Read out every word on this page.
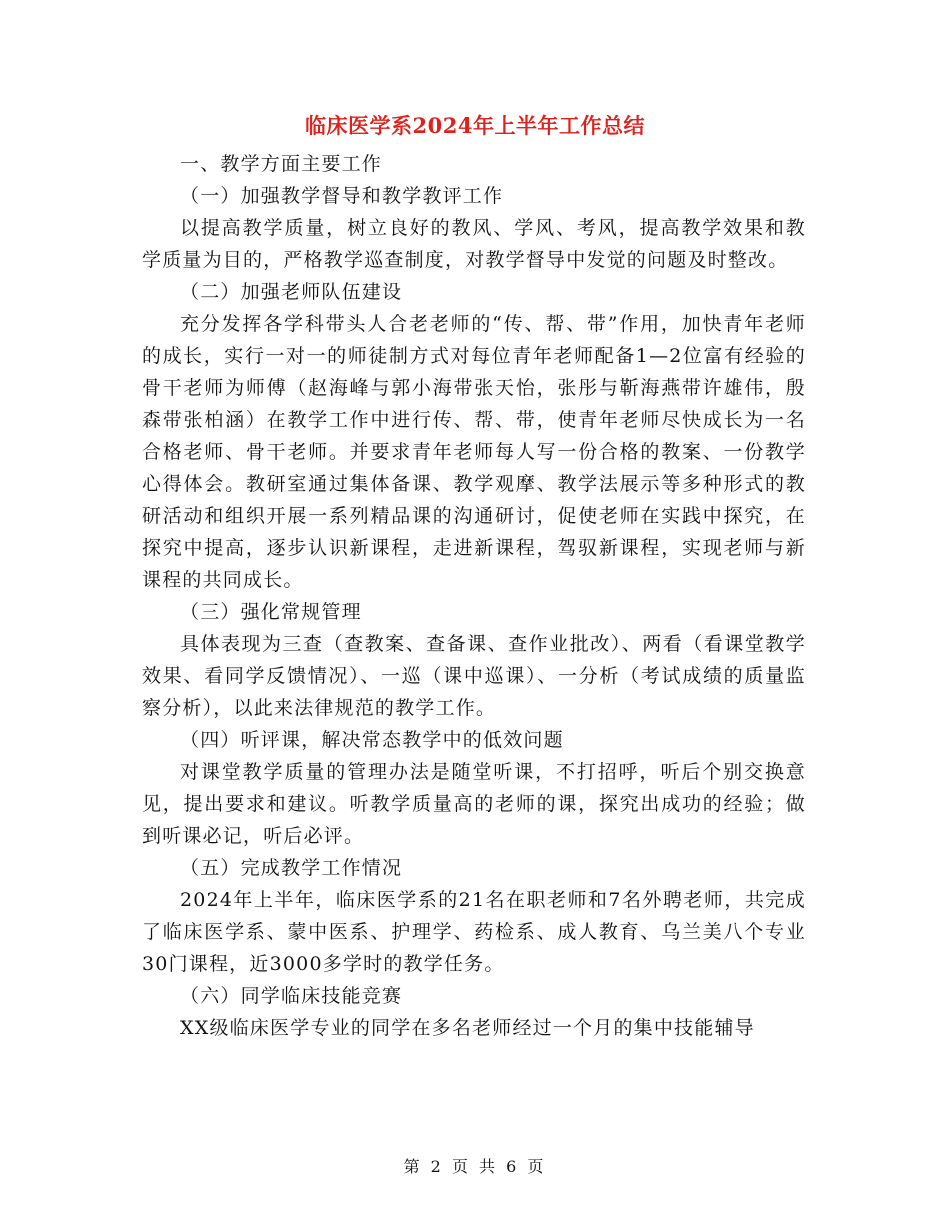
临床医学系2024年上半年工作总结

一、教学方面主要工作

（一）加强教学督导和教学教评工作

以提高教学质量，树立良好的教风、学风、考风，提高教学效果和教学质量为目的，严格教学巡查制度，对教学督导中发觉的问题及时整改。

（二）加强老师队伍建设

充分发挥各学科带头人合老老师的“传、帮、带”作用，加快青年老师的成长，实行一对一的师徒制方式对每位青年老师配备1—2位富有经验的骨干老师为师傅（赵海峰与郭小海带张天怡，张彤与靳海燕带许雄伟，殷森带张柏涵）在教学工作中进行传、帮、带，使青年老师尽快成长为一名合格老师、骨干老师。并要求青年老师每人写一份合格的教案、一份教学心得体会。教研室通过集体备课、教学观摩、教学法展示等多种形式的教研活动和组织开展一系列精品课的沟通研讨，促使老师在实践中探究，在探究中提高，逐步认识新课程，走进新课程，驾驭新课程，实现老师与新课程的共同成长。

（三）强化常规管理

具体表现为三查（查教案、查备课、查作业批改）、两看（看课堂教学效果、看同学反馈情况）、一巡（课中巡课）、一分析（考试成绩的质量监察分析），以此来法律规范的教学工作。

（四）听评课，解决常态教学中的低效问题

对课堂教学质量的管理办法是随堂听课，不打招呼，听后个别交换意见，提出要求和建议。听教学质量高的老师的课，探究出成功的经验；做到听课必记，听后必评。

（五）完成教学工作情况

2024年上半年，临床医学系的21名在职老师和7名外聘老师，共完成了临床医学系、蒙中医系、护理学、药检系、成人教育、乌兰美八个专业30门课程，近3000多学时的教学任务。

（六）同学临床技能竞赛

XX级临床医学专业的同学在多名老师经过一个月的集中技能辅导

第 2 页 共 6 页
